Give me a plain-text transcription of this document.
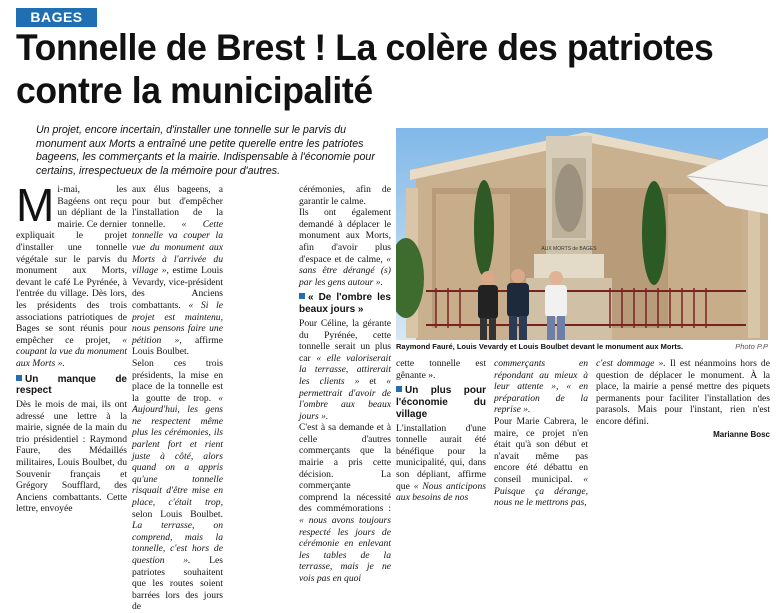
BAGES
Tonnelle de Brest ! La colère des patriotes contre la municipalité
Un projet, encore incertain, d'installer une tonnelle sur le parvis du monument aux Morts a entraîné une petite querelle entre les patriotes bageens, les commerçants et la mairie. Indispensable à l'économie pour certains, irrespectueux de la mémoire pour d'autres.
AUX MORTS de BAGES
Raymond Fauré, Louis Vevardy et Louis Boulbet devant le monument aux Morts.	Photo P.P

M i-mai, les Bagéens ont reçu un dépliant de la mairie. Ce dernier expliquait le projet d'installer une tonnelle végétale sur le parvis du monument aux Morts, devant le café Le Pyrénée, à l'entrée du village. Dès lors, les présidents des trois associations patriotiques de Bages se sont réunis pour empêcher ce projet, « coupant la vue du monument aux Morts ».

Un manque de respect

Dès le mois de mai, ils ont adressé une lettre à la mairie, signée de la main du trio présidentiel : Raymond Faure, des Médaillés militaires, Louis Boulbet, du Souvenir français et Grégory Soufflard, des Anciens combattants. Cette lettre, envoyée

aux élus bageens, a pour but d'empêcher l'installation de la tonnelle. « Cette tonnelle va couper la vue du monument aux Morts à l'arrivée du village », estime Louis Vevardy, vice-président des Anciens combattants. « Si le projet est maintenu, nous pensons faire une pétition », affirme Louis Boulbet.

Selon ces trois présidents, la mise en place de la tonnelle est la goutte de trop. « Aujourd'hui, les gens ne respectent même plus les cérémonies, ils parlent fort et rient juste à côté, alors quand on a appris qu'une tonnelle risquait d'être mise en place, c'était trop, selon Louis Boulbet. La terrasse, on comprend, mais la tonnelle, c'est hors de question ». Les patriotes souhaitent que les routes soient barrées lors des jours de

cérémonies, afin de garantir le calme.

Ils ont également demandé à déplacer le monument aux Morts, afin d'avoir plus d'espace et de calme, « sans être dérangé (s) par les gens autour ».

« De l'ombre les beaux jours »

Pour Céline, la gérante du Pyrénée, cette tonnelle serait un plus car « elle valoriserait la terrasse, attirerait les clients » et « permettrait d'avoir de l'ombre aux beaux jours ».

C'est à sa demande et à celle d'autres commerçants que la mairie a pris cette décision. La commerçante comprend la nécessité des commémorations : « nous avons toujours respecté les jours de cérémonie en enlevant les tables de la terrasse, mais je ne vois pas en quoi

cette tonnelle est gênante ».

Un plus pour l'économie du village

L'installation d'une tonnelle aurait été bénéfique pour la municipalité, qui, dans son dépliant, affirme que « Nous anticipons aux besoins de nos

commerçants en répondant au mieux à leur attente », « en préparation de la reprise ».

Pour Marie Cabrera, le maire, ce projet n'en était qu'à son début et n'avait même pas encore été débattu en conseil municipal. « Puisque ça dérange, nous ne le mettrons pas,

c'est dommage ». Il est néanmoins hors de question de déplacer le monument. À la place, la mairie a pensé mettre des piquets permanents pour faciliter l'installation des parasols. Mais pour l'instant, rien n'est encore défini.

Marianne Bosc
